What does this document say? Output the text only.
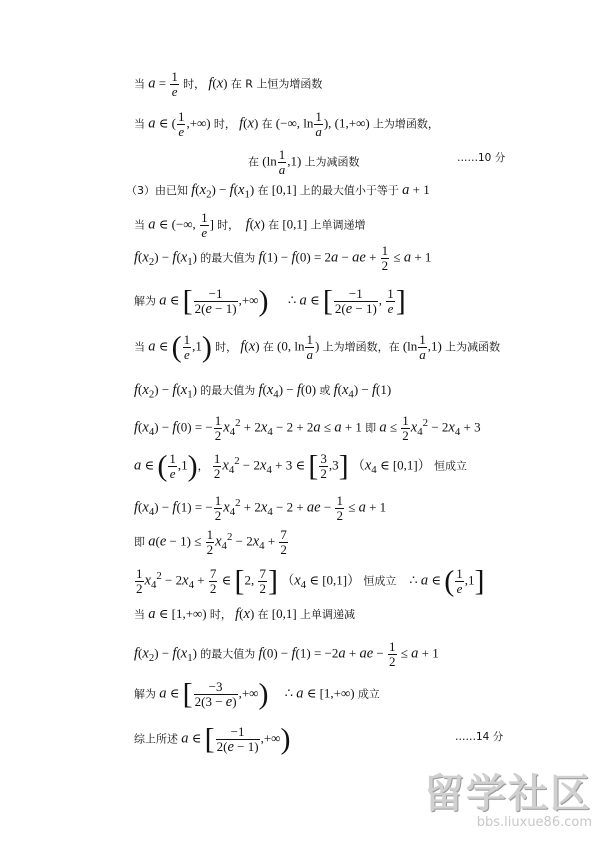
当 $a = \frac{1}{e}$ 时， f(x) 在 R 上恒为增函数
当 a ∈ ( $\frac{1}{e}$ ,+∞) 时， f(x) 在 (−∞, $\ln \frac{1}{a}$ ), (1,+∞) 上为增函数，
在 $(\ln \frac{1}{a} ,1)$ 上为减函数	……10 分
（3）由已知 $f(x_2) - f(x_1)$ 在 [0,1] 上的最大值小于等于 a + 1
当 a ∈ (−∞, $\frac{1}{e}$ ] 时， f(x) 在 [0,1] 上单调递增
$f(x_2) - f(x_1)$ 的最大值为 f(1) − f(0) = 2a − ae + $\frac{1}{2} \le a + 1$
解为 a ∈ [ $\frac{-1}{2(e - 1)}$ ,+∞)      ∴ a ∈ [ $\frac{-1}{2(e - 1)}$ , $\frac{1}{e}$ ]
当 a ∈ ( $\frac{1}{e} ,1$) 时， f(x) 在 (0, $\ln \frac{1}{a}$ ) 上为增函数，在 $(\ln \frac{1}{a} ,1)$ 上为减函数
$f(x_2) - f(x_1)$ 的最大值为 $f(x_4) - f(0)$ 或 $f(x_4) - f(1)$
$f(x_4) - f(0)$ = − $\frac{1}{2} x_4^2 + 2x_4 - 2 + 2a \le a + 1$ 即 $a \le \frac{1}{2} x_4^2 - 2x_4 + 3$
a ∈ ( $\frac{1}{e} ,1$)， $\frac{1}{2} x_4^2 - 2x_4 + 3$ ∈ [ $\frac{3}{2} ,3$] （$x_4$ ∈ [0,1]） 恒成立
$f(x_4) - f(1)$ = − $\frac{1}{2} x_4^2 + 2x_4 - 2$ + ae − $\frac{1}{2} \le a + 1$
即 $a(e - 1) \le \frac{1}{2} x_4^2 - 2x_4 + \frac{7}{2}$
$\frac{1}{2} x_4^2 - 2x_4 + \frac{7}{2}$ ∈ [2, $\frac{7}{2}$ ] （$x_4$ ∈ [0,1]） 恒成立    ∴ a ∈ ( $\frac{1}{e} ,1$]
当 a ∈ [1,+∞) 时， f(x) 在 [0,1] 上单调递减
$f(x_2) - f(x_1)$ 的最大值为 f(0) − f(1) = −2a + ae − $\frac{1}{2} \le a + 1$
解为 a ∈ [ $\frac{-3}{2(3 - e)}$ ,+∞)     ∴ a ∈ [1,+∞) 成立
综上所述 a ∈ [ $\frac{-1}{2(e - 1)}$ ,+∞)	……14 分
留学社区
bbs.liuxue86.com
